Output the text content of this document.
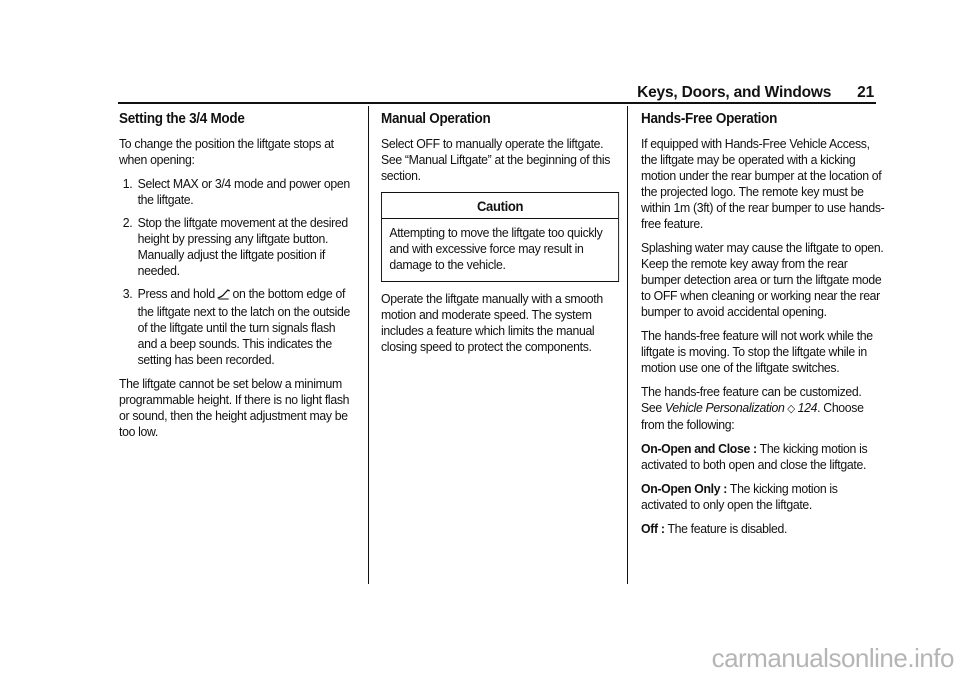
Keys, Doors, and Windows 21
Setting the 3/4 Mode

To change the position the liftgate stops at when opening:

1. Select MAX or 3/4 mode and power open the liftgate.
2. Stop the liftgate movement at the desired height by pressing any liftgate button. Manually adjust the liftgate position if needed.
3. Press and hold on the bottom edge of the liftgate next to the latch on the outside of the liftgate until the turn signals flash and a beep sounds. This indicates the setting has been recorded.

The liftgate cannot be set below a minimum programmable height. If there is no light flash or sound, then the height adjustment may be too low.

Manual Operation

Select OFF to manually operate the liftgate. See “Manual Liftgate” at the beginning of this section.

Caution
Attempting to move the liftgate too quickly and with excessive force may result in damage to the vehicle.

Operate the liftgate manually with a smooth motion and moderate speed. The system includes a feature which limits the manual closing speed to protect the components.

Hands-Free Operation

If equipped with Hands-Free Vehicle Access, the liftgate may be operated with a kicking motion under the rear bumper at the location of the projected logo. The remote key must be within 1m (3ft) of the rear bumper to use hands-free feature.

Splashing water may cause the liftgate to open. Keep the remote key away from the rear bumper detection area or turn the liftgate mode to OFF when cleaning or working near the rear bumper to avoid accidental opening.

The hands-free feature will not work while the liftgate is moving. To stop the liftgate while in motion use one of the liftgate switches.

The hands-free feature can be customized. See Vehicle Personalization ◇ 124. Choose from the following:

On-Open and Close : The kicking motion is activated to both open and close the liftgate.

On-Open Only : The kicking motion is activated to only open the liftgate.

Off : The feature is disabled.

carmanualsonline.info
